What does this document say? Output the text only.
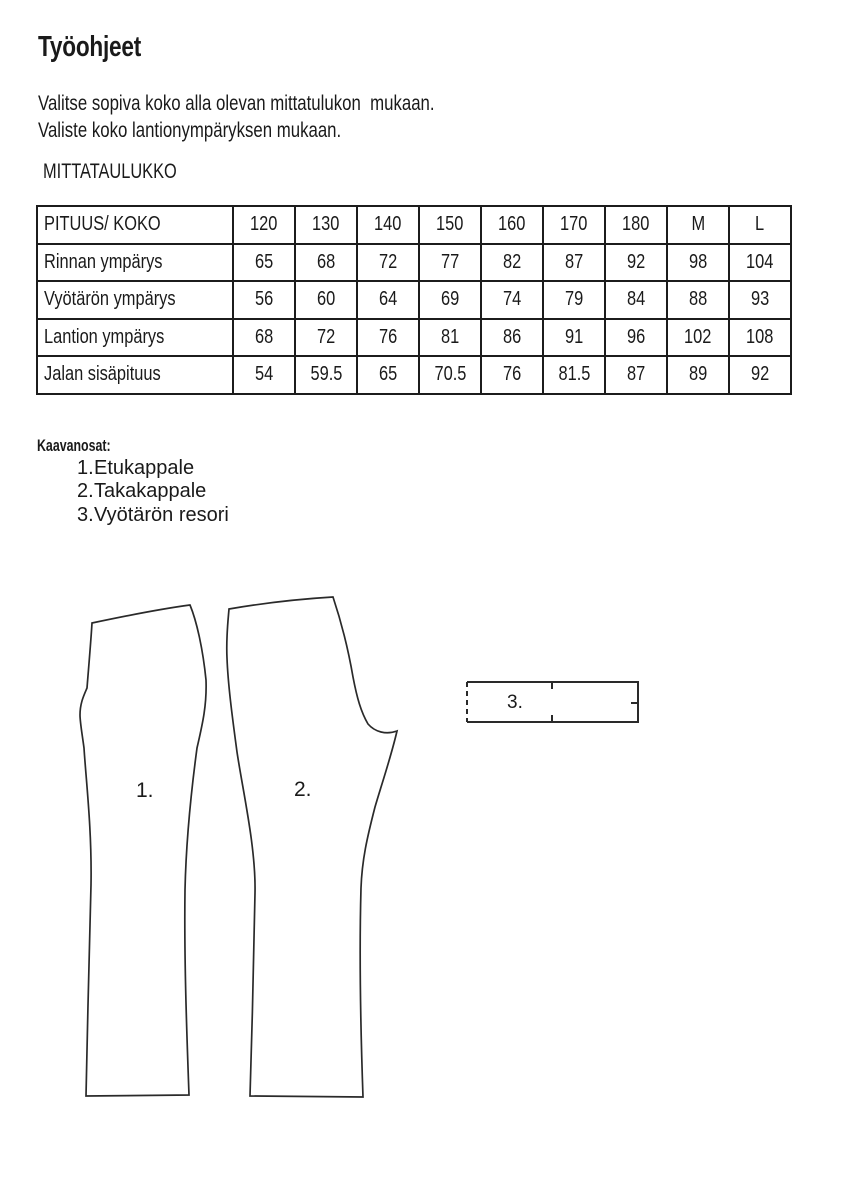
Työohjeet
Valitse sopiva koko alla olevan mittatulukon  mukaan.
Valiste koko lantionympäryksen mukaan.
MITTATAULUKKO
PITUUS/ KOKO	120	130	140	150	160	170	180	M	L
Rinnan ympärys	65	68	72	77	82	87	92	98	104
Vyötärön ympärys	56	60	64	69	74	79	84	88	93
Lantion ympärys	68	72	76	81	86	91	96	102	108
Jalan sisäpituus	54	59.5	65	70.5	76	81.5	87	89	92
Kaavanosat:
1.Etukappale
2.Takakappale
3.Vyötärön resori
1.	2.
3.
